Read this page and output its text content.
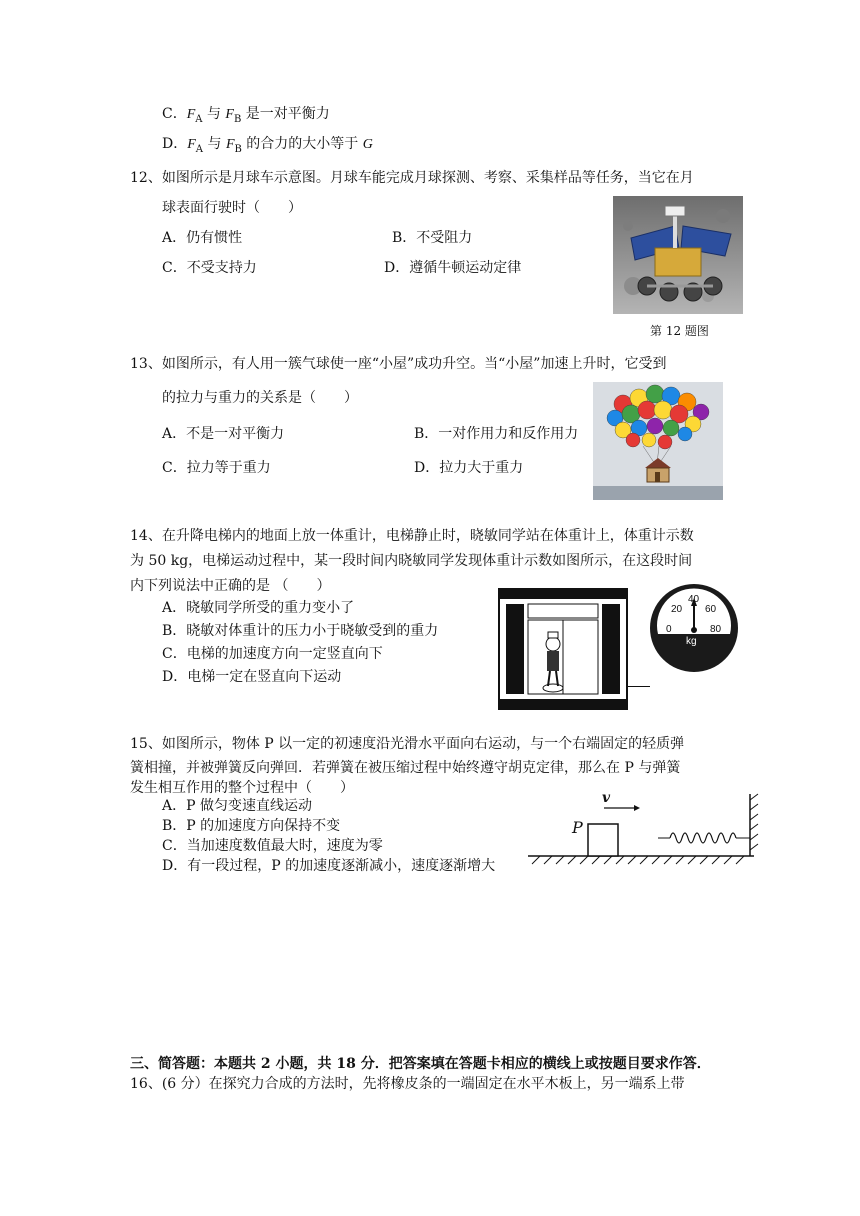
C．$F_A$ 与 $F_B$ 是一对平衡力
D．$F_A$ 与 $F_B$ 的合力的大小等于 G
12、如图所示是月球车示意图。月球车能完成月球探测、考察、采集样品等任务，当它在月
球表面行驶时（　　）
A．仍有惯性	B．不受阻力
C．不受支持力	D．遵循牛顿运动定律
第 12 题图
13、如图所示，有人用一簇气球使一座“小屋”成功升空。当“小屋”加速上升时，它受到
的拉力与重力的关系是（　　）
A．不是一对平衡力	B．一对作用力和反作用力
C．拉力等于重力	D．拉力大于重力
14、在升降电梯内的地面上放一体重计，电梯静止时，晓敏同学站在体重计上，体重计示数
为 50 kg，电梯运动过程中，某一段时间内晓敏同学发现体重计示数如图所示，在这段时间
内下列说法中正确的是 （　　）
A．晓敏同学所受的重力变小了
B．晓敏对体重计的压力小于晓敏受到的重力
C．电梯的加速度方向一定竖直向下
D．电梯一定在竖直向下运动
0
20
40
60
80
kg
15、如图所示，物体 P 以一定的初速度沿光滑水平面向右运动，与一个右端固定的轻质弹
簧相撞，并被弹簧反向弹回．若弹簧在被压缩过程中始终遵守胡克定律，那么在 P 与弹簧
发生相互作用的整个过程中（　　）
A．P 做匀变速直线运动
B．P 的加速度方向保持不变
C．当加速度数值最大时，速度为零
D．有一段过程，P 的加速度逐渐减小，速度逐渐增大
v
P
三、简答题：本题共 2 小题，共 18 分．把答案填在答题卡相应的横线上或按题目要求作答．
16、(6 分）在探究力合成的方法时，先将橡皮条的一端固定在水平木板上，另一端系上带
